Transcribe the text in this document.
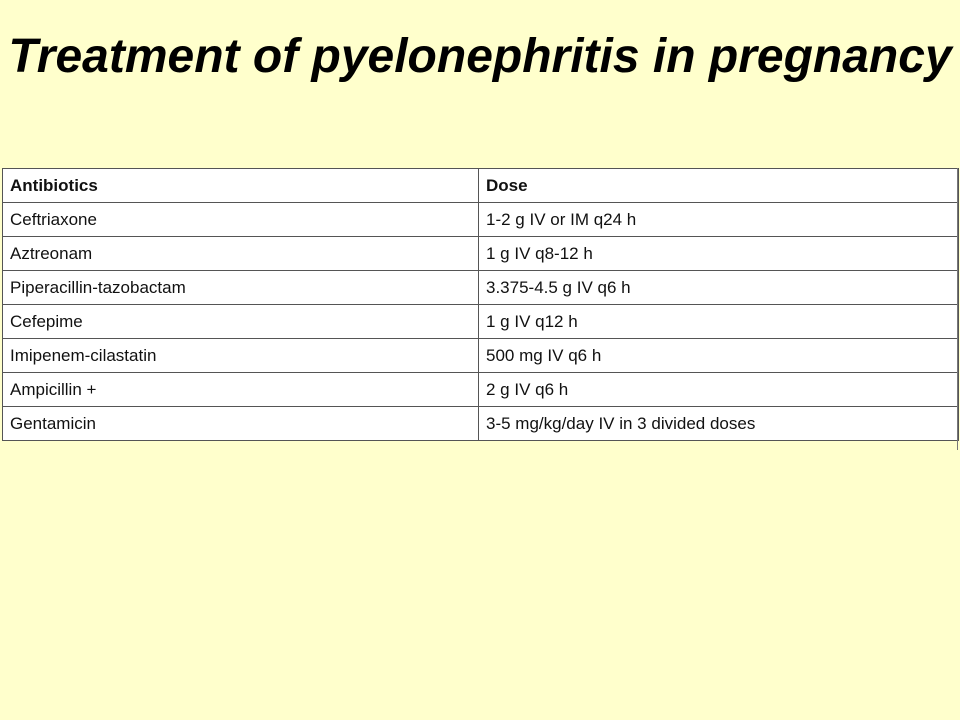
Treatment of pyelonephritis in pregnancy
Antibiotics	Dose
Ceftriaxone	1-2 g IV or IM q24 h
Aztreonam	1 g IV q8-12 h
Piperacillin-tazobactam	3.375-4.5 g IV q6 h
Cefepime	1 g IV q12 h
Imipenem-cilastatin	500 mg IV q6 h
Ampicillin +	2 g IV q6 h
Gentamicin	3-5 mg/kg/day IV in 3 divided doses
